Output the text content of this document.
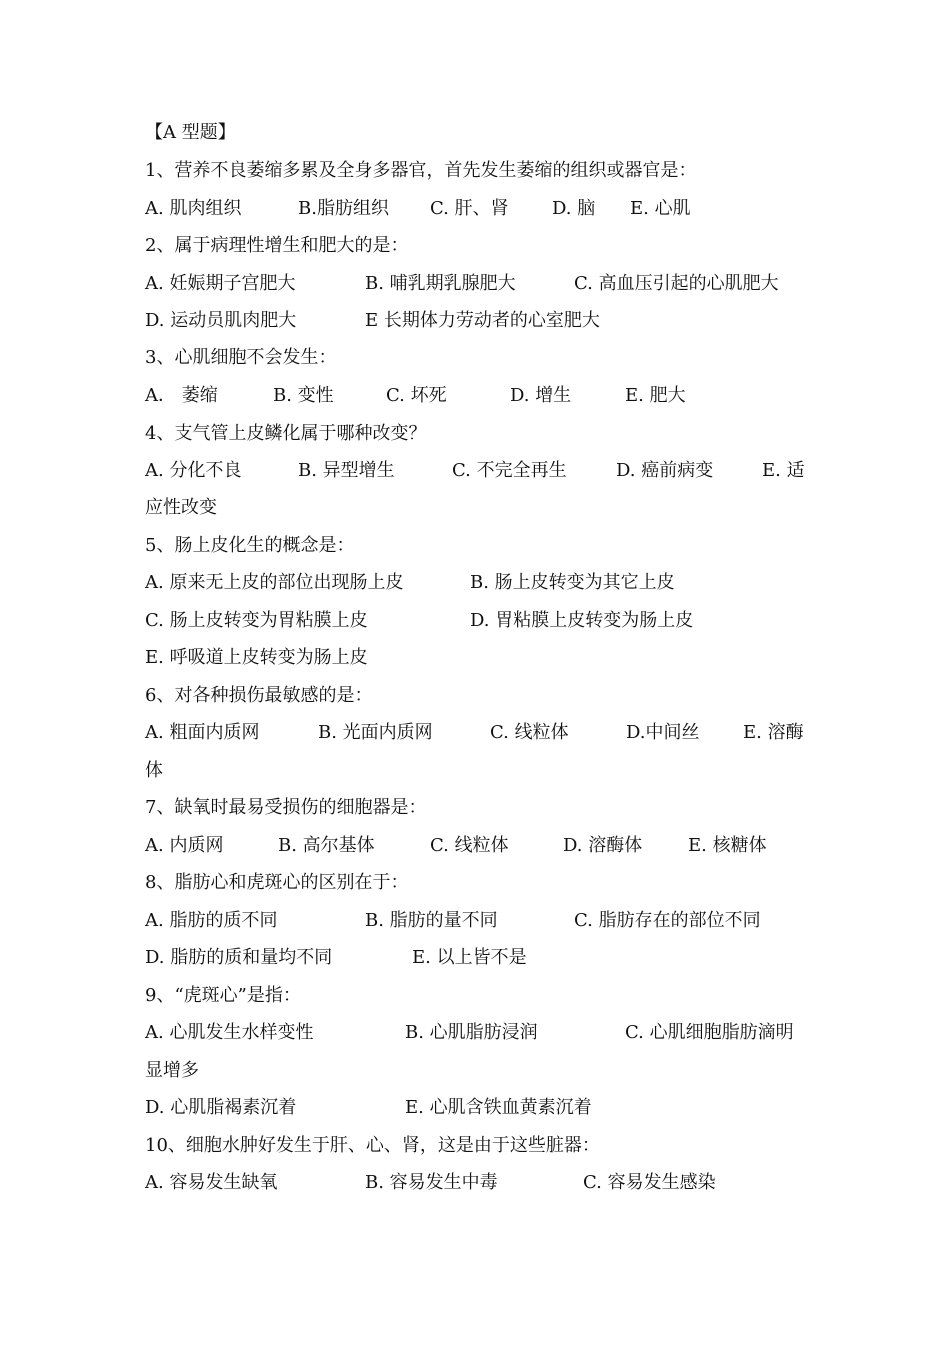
【A 型题】
1、营养不良萎缩多累及全身多器官，首先发生萎缩的组织或器官是：
A. 肌肉组织	B.脂肪组织 C. 肝、肾 D. 脑 E. 心肌
2、属于病理性增生和肥大的是：
A. 妊娠期子宫肥大	B. 哺乳期乳腺肥大	C. 高血压引起的心肌肥大
D. 运动员肌肉肥大	E 长期体力劳动者的心室肥大
3、心肌细胞不会发生：
A． 萎缩	B. 变性	C. 坏死	D. 增生	E. 肥大
4、支气管上皮鳞化属于哪种改变？
A. 分化不良	B. 异型增生	C. 不完全再生	D. 癌前病变	E. 适
应性改变
5、肠上皮化生的概念是：
A. 原来无上皮的部位出现肠上皮	B. 肠上皮转变为其它上皮
C. 肠上皮转变为胃粘膜上皮	D. 胃粘膜上皮转变为肠上皮
E. 呼吸道上皮转变为肠上皮
6、对各种损伤最敏感的是：
A. 粗面内质网	B. 光面内质网	C. 线粒体	D.中间丝 E. 溶酶
体
7、缺氧时最易受损伤的细胞器是：
A. 内质网	B. 高尔基体	C. 线粒体	D. 溶酶体	E. 核糖体
8、脂肪心和虎斑心的区别在于：
A. 脂肪的质不同	B. 脂肪的量不同	C. 脂肪存在的部位不同
D. 脂肪的质和量均不同	E. 以上皆不是
9、“虎斑心”是指：
A. 心肌发生水样变性	B. 心肌脂肪浸润	C. 心肌细胞脂肪滴明
显增多
D. 心肌脂褐素沉着	E. 心肌含铁血黄素沉着
10、细胞水肿好发生于肝、心、肾，这是由于这些脏器：
A. 容易发生缺氧	B. 容易发生中毒	C. 容易发生感染
